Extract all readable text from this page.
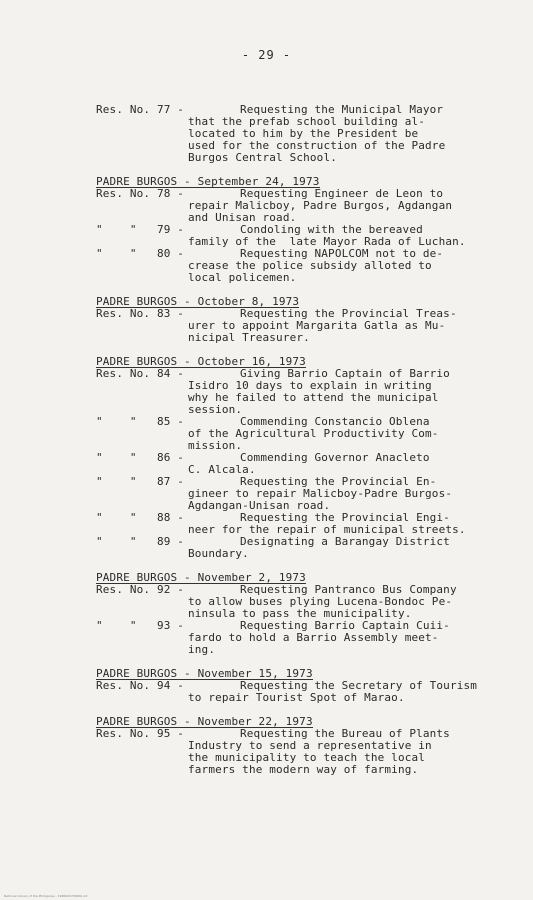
- 29 -
Res. No. 77 -	Requesting the Municipal Mayor
that the prefab school building al-
located to him by the President be
used for the construction of the Padre
Burgos Central School.
PADRE BURGOS - September 24, 1973
Res. No. 78 -	Requesting Engineer de Leon to
repair Malicboy, Padre Burgos, Agdangan
and Unisan road.
"    "   79 -	Condoling with the bereaved
family of the  late Mayor Rada of Luchan.
"    "   80 -	Requesting NAPOLCOM not to de-
crease the police subsidy alloted to
local policemen.
PADRE BURGOS - October 8, 1973
Res. No. 83 -	Requesting the Provincial Treas-
urer to appoint Margarita Gatla as Mu-
nicipal Treasurer.
PADRE BURGOS - October 16, 1973
Res. No. 84 -	Giving Barrio Captain of Barrio
Isidro 10 days to explain in writing
why he failed to attend the municipal
session.
"    "   85 -	Commending Constancio Oblena
of the Agricultural Productivity Com-
mission.
"    "   86 -	Commending Governor Anacleto
C. Alcala.
"    "   87 -	Requesting the Provincial En-
gineer to repair Malicboy-Padre Burgos-
Agdangan-Unisan road.
"    "   88 -	Requesting the Provincial Engi-
neer for the repair of municipal streets.
"    "   89 -	Designating a Barangay District
Boundary.
PADRE BURGOS - November 2, 1973
Res. No. 92 -	Requesting Pantranco Bus Company
to allow buses plying Lucena-Bondoc Pe-
ninsula to pass the municipality.
"    "   93 -	Requesting Barrio Captain Cuii-
fardo to hold a Barrio Assembly meet-
ing.
PADRE BURGOS - November 15, 1973
Res. No. 94 -	Requesting the Secretary of Tourism
to repair Tourist Spot of Marao.
PADRE BURGOS - November 22, 1973
Res. No. 95 -	Requesting the Bureau of Plants
Industry to send a representative in
the municipality to teach the local
farmers the modern way of farming.
National Library of the Philippines · 1986000708902-10
